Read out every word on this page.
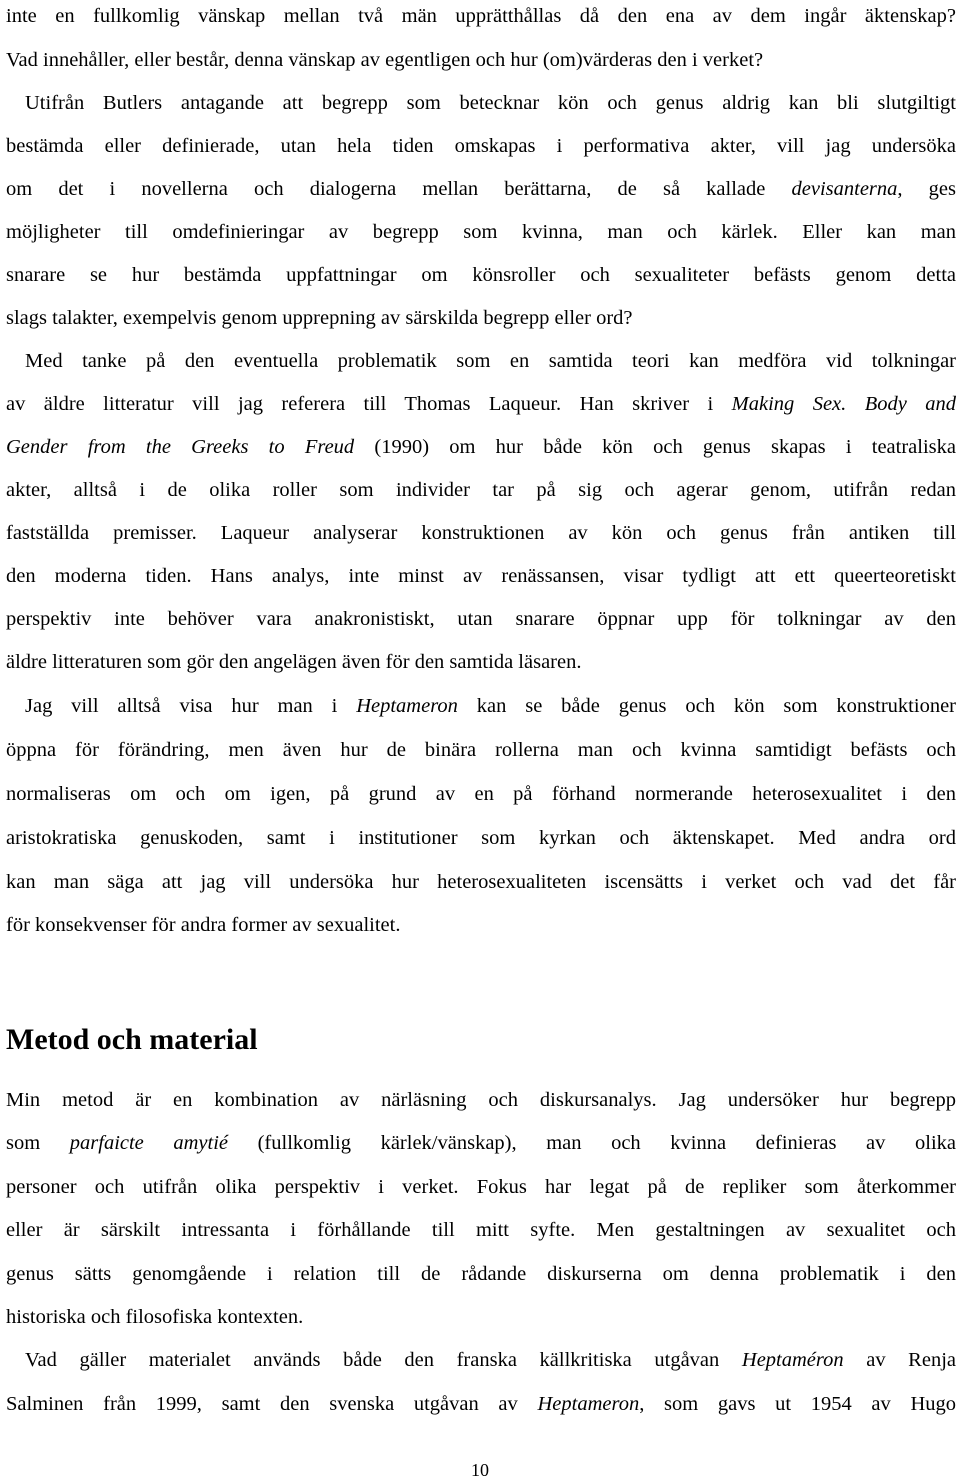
inte en fullkomlig vänskap mellan två män upprätthållas då den ena av dem ingår äktenskap?
Vad innehåller, eller består, denna vänskap av egentligen och hur (om)värderas den i verket?
Utifrån Butlers antagande att begrepp som betecknar kön och genus aldrig kan bli slutgiltigt
bestämda eller definierade, utan hela tiden omskapas i performativa akter, vill jag undersöka
om det i novellerna och dialogerna mellan berättarna, de så kallade devisanterna, ges
möjligheter till omdefinieringar av begrepp som kvinna, man och kärlek. Eller kan man
snarare se hur bestämda uppfattningar om könsroller och sexualiteter befästs genom detta
slags talakter, exempelvis genom upprepning av särskilda begrepp eller ord?
Med tanke på den eventuella problematik som en samtida teori kan medföra vid tolkningar
av äldre litteratur vill jag referera till Thomas Laqueur. Han skriver i Making Sex. Body and
Gender from the Greeks to Freud (1990) om hur både kön och genus skapas i teatraliska
akter, alltså i de olika roller som individer tar på sig och agerar genom, utifrån redan
fastställda premisser. Laqueur analyserar konstruktionen av kön och genus från antiken till
den moderna tiden. Hans analys, inte minst av renässansen, visar tydligt att ett queerteoretiskt
perspektiv inte behöver vara anakronistiskt, utan snarare öppnar upp för tolkningar av den
äldre litteraturen som gör den angelägen även för den samtida läsaren.
Jag vill alltså visa hur man i Heptameron kan se både genus och kön som konstruktioner
öppna för förändring, men även hur de binära rollerna man och kvinna samtidigt befästs och
normaliseras om och om igen, på grund av en på förhand normerande heterosexualitet i den
aristokratiska genuskoden, samt i institutioner som kyrkan och äktenskapet. Med andra ord
kan man säga att jag vill undersöka hur heterosexualiteten iscensätts i verket och vad det får
för konsekvenser för andra former av sexualitet.
Metod och material
Min metod är en kombination av närläsning och diskursanalys. Jag undersöker hur begrepp
som parfaicte amytié (fullkomlig kärlek/vänskap), man och kvinna definieras av olika
personer och utifrån olika perspektiv i verket. Fokus har legat på de repliker som återkommer
eller är särskilt intressanta i förhållande till mitt syfte. Men gestaltningen av sexualitet och
genus sätts genomgående i relation till de rådande diskurserna om denna problematik i den
historiska och filosofiska kontexten.
Vad gäller materialet används både den franska källkritiska utgåvan Heptaméron av Renja
Salminen från 1999, samt den svenska utgåvan av Heptameron, som gavs ut 1954 av Hugo
10
